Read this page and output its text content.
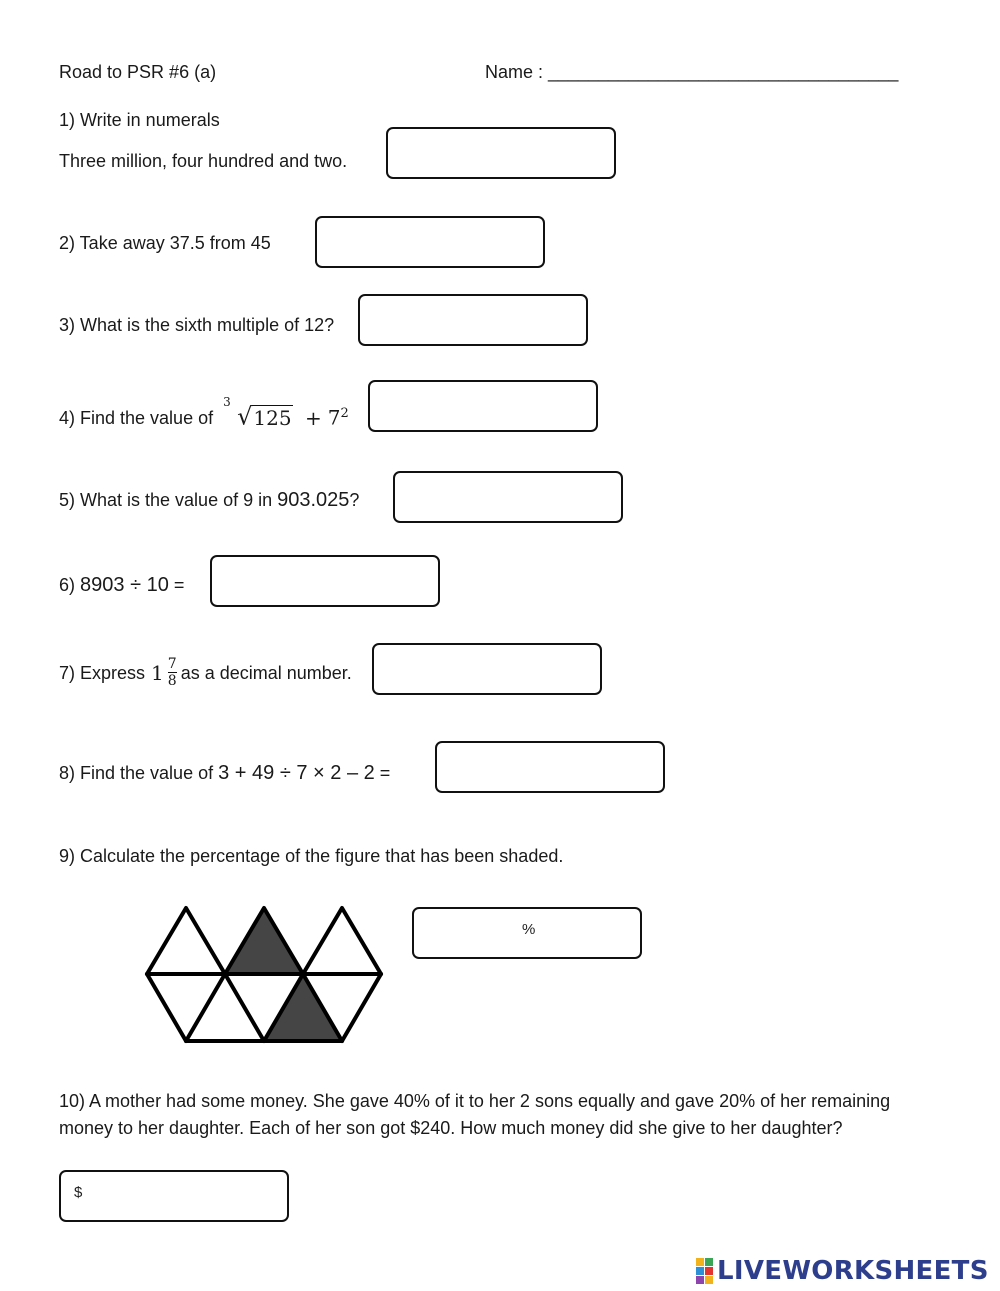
Road to PSR #6 (a)	Name : ___________________________________
1) Write in numerals
Three million, four hundred and two.
2) Take away 37.5 from 45
3) What is the sixth multiple of 12?
4) Find the value of
3
$√125 + 7^2$
5) What is the value of 9 in 903.025?
6) 8903 ÷ 10 =
7) Express $1 \frac{7}{8}$ as a decimal number.
8) Find the value of 3 + 49 ÷ 7 × 2 – 2 =
9) Calculate the percentage of the figure that has been shaded.
%
10) A mother had some money. She gave 40% of it to her 2 sons equally and gave 20% of her remaining
money to her daughter. Each of her son got $240. How much money did she give to her daughter?
$
LIVEWORKSHEETS
